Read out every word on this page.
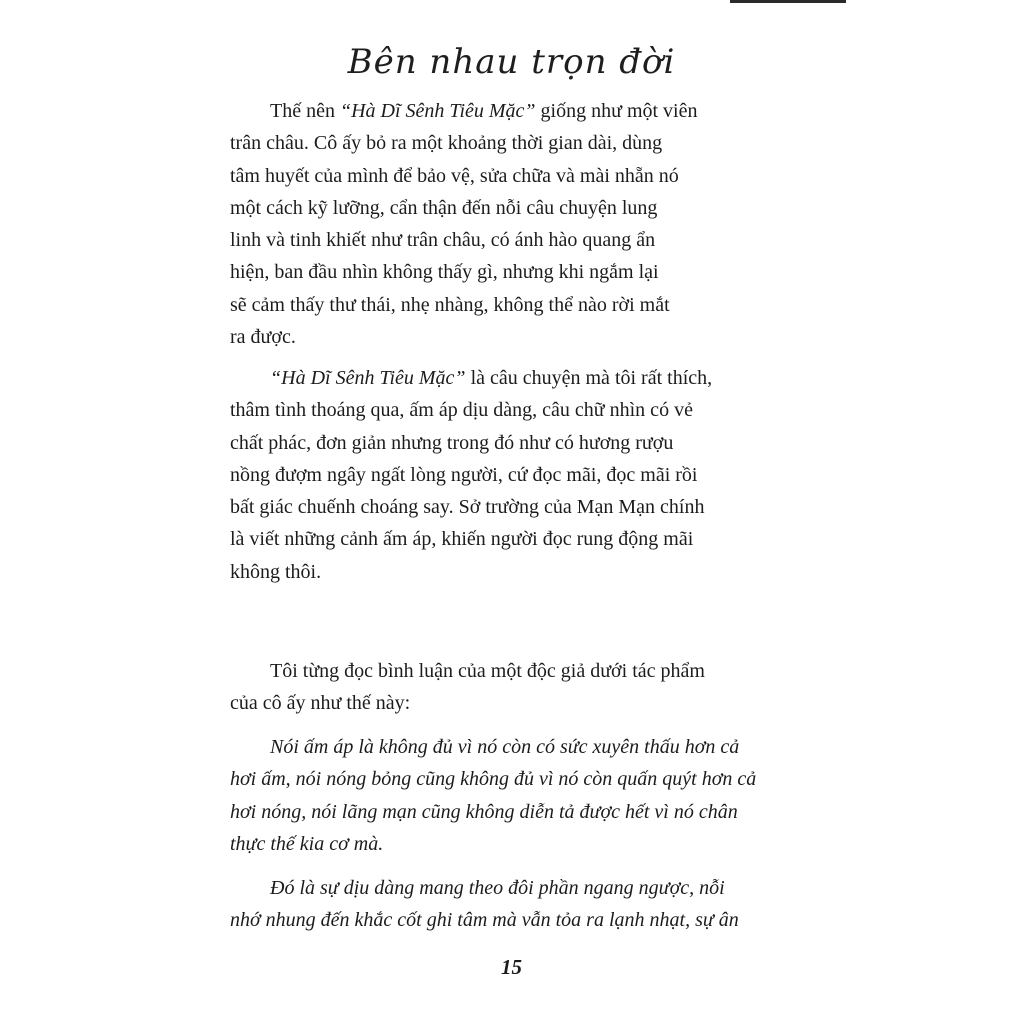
Bên nhau trọn đời
Thế nên “Hà Dĩ Sênh Tiêu Mặc” giống như một viên
trân châu. Cô ấy bỏ ra một khoảng thời gian dài, dùng
tâm huyết của mình để bảo vệ, sửa chữa và mài nhẵn nó
một cách kỹ lưỡng, cẩn thận đến nỗi câu chuyện lung
linh và tinh khiết như trân châu, có ánh hào quang ẩn
hiện, ban đầu nhìn không thấy gì, nhưng khi ngắm lại
sẽ cảm thấy thư thái, nhẹ nhàng, không thể nào rời mắt
ra được.
“Hà Dĩ Sênh Tiêu Mặc” là câu chuyện mà tôi rất thích,
thâm tình thoáng qua, ấm áp dịu dàng, câu chữ nhìn có vẻ
chất phác, đơn giản nhưng trong đó như có hương rượu
nồng đượm ngây ngất lòng người, cứ đọc mãi, đọc mãi rồi
bất giác chuếnh choáng say. Sở trường của Mạn Mạn chính
là viết những cảnh ấm áp, khiến người đọc rung động mãi
không thôi.
Tôi từng đọc bình luận của một độc giả dưới tác phẩm
của cô ấy như thế này:
Nói ấm áp là không đủ vì nó còn có sức xuyên thấu hơn cả
hơi ấm, nói nóng bỏng cũng không đủ vì nó còn quấn quýt hơn cả
hơi nóng, nói lãng mạn cũng không diễn tả được hết vì nó chân
thực thế kia cơ mà.
Đó là sự dịu dàng mang theo đôi phần ngang ngược, nỗi
nhớ nhung đến khắc cốt ghi tâm mà vẫn tỏa ra lạnh nhạt, sự ân
15
